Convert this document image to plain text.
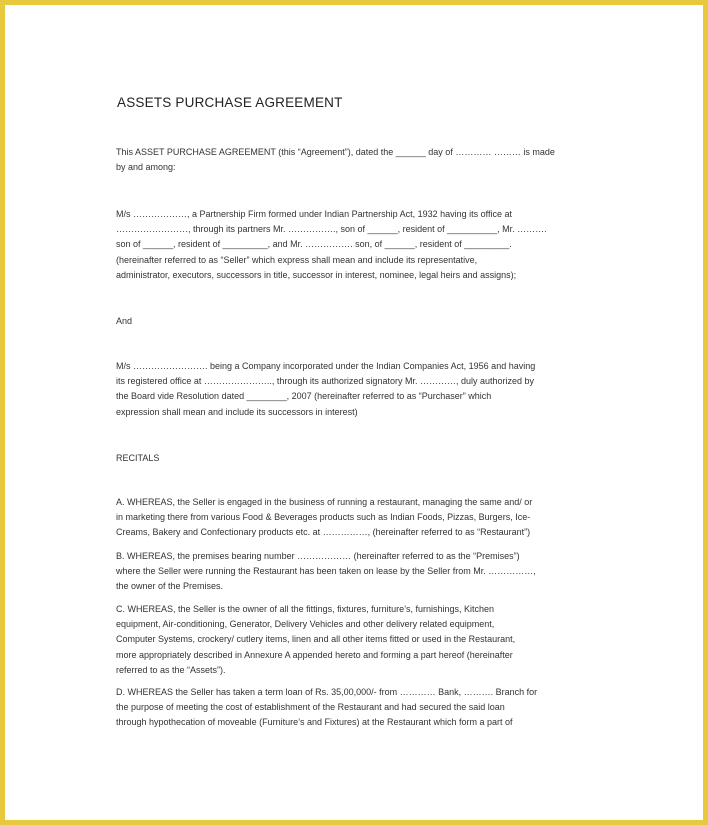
ASSETS PURCHASE AGREEMENT
This ASSET PURCHASE AGREEMENT (this “Agreement”), dated the ______ day of ………… ……… is made
by and among:
M/s ………………, a Partnership Firm formed under Indian Partnership Act, 1932 having its office at
……………………, through its partners Mr. ……………., son of ______, resident of __________, Mr. ……….
son of ______, resident of _________, and Mr. ……………. son, of ______, resident of _________.
(hereinafter referred to as “Seller” which express shall mean and include its representative,
administrator, executors, successors in title, successor in interest, nominee, legal heirs and assigns);
And
M/s ……………………. being a Company incorporated under the Indian Companies Act, 1956 and having
its registered office at ………………….., through its authorized signatory Mr. …………, duly authorized by
the Board vide Resolution dated ________, 2007 (hereinafter referred to as “Purchaser” which
expression shall mean and include its successors in interest)
RECITALS
A. WHEREAS, the Seller is engaged in the business of running a restaurant, managing the same and/ or
in marketing there from various Food & Beverages products such as Indian Foods, Pizzas, Burgers, Ice-
Creams, Bakery and Confectionary products etc. at ……………, (hereinafter referred to as “Restaurant”)
B. WHEREAS, the premises bearing number ……………… (hereinafter referred to as the “Premises”)
where the Seller were running the Restaurant has been taken on lease by the Seller from Mr. ……………,
the owner of the Premises.
C. WHEREAS, the Seller is the owner of all the fittings, fixtures, furniture’s, furnishings, Kitchen
equipment, Air-conditioning, Generator, Delivery Vehicles and other delivery related equipment,
Computer Systems, crockery/ cutlery items, linen and all other items fitted or used in the Restaurant,
more appropriately described in Annexure A appended hereto and forming a part hereof (hereinafter
referred to as the “Assets”).
D. WHEREAS the Seller has taken a term loan of Rs. 35,00,000/- from ………… Bank, ………. Branch for
the purpose of meeting the cost of establishment of the Restaurant and had secured the said loan
through hypothecation of moveable (Furniture’s and Fixtures) at the Restaurant which form a part of
